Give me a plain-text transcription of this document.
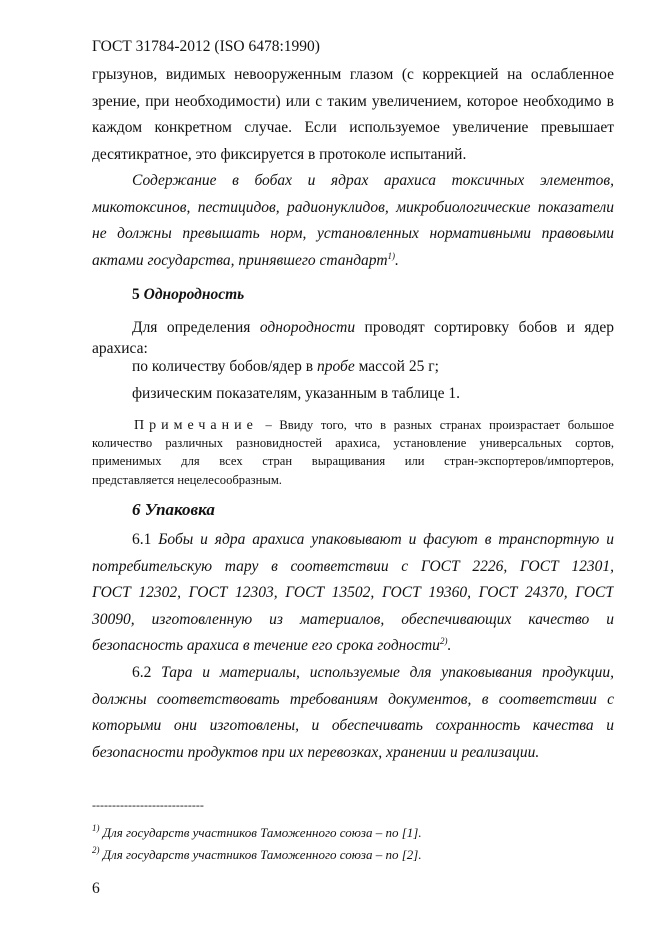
ГОСТ 31784-2012 (ISO 6478:1990)
грызунов, видимых невооруженным глазом (с коррекцией на ослабленное
зрение, при необходимости) или с таким увеличением, которое необходимо в
каждом конкретном случае. Если используемое увеличение превышает
десятикратное, это фиксируется в протоколе испытаний.
Содержание в бобах и ядрах арахиса токсичных элементов,
микотоксинов, пестицидов, радионуклидов, микробиологические показатели
не должны превышать норм, установленных нормативными правовыми
актами государства, принявшего стандарт$^{1)}$.
5 Однородность
Для определения однородности проводят сортировку бобов и ядер
арахиса:
по количеству бобов/ядер в пробе массой 25 г;
физическим показателям, указанным в таблице 1.
Примечание – Ввиду того, что в разных странах произрастает большое
количество различных разновидностей арахиса, установление универсальных сортов,
применимых для всех стран выращивания или стран-экспортеров/импортеров,
представляется нецелесообразным.
6 Упаковка
6.1 Бобы и ядра арахиса упаковывают и фасуют в транспортную и
потребительскую тару в соответствии с ГОСТ 2226, ГОСТ 12301,
ГОСТ 12302, ГОСТ 12303, ГОСТ 13502, ГОСТ 19360, ГОСТ 24370, ГОСТ
30090, изготовленную из материалов, обеспечивающих качество и
безопасность арахиса в течение его срока годности$^{2)}$.
6.2 Тара и материалы, используемые для упаковывания продукции,
должны соответствовать требованиям документов, в соответствии с
которыми они изготовлены, и обеспечивать сохранность качества и
безопасности продуктов при их перевозках, хранении и реализации.
----------------------------
$^{1)}$ Для государств участников Таможенного союза – по [1].
$^{2)}$ Для государств участников Таможенного союза – по [2].
6
